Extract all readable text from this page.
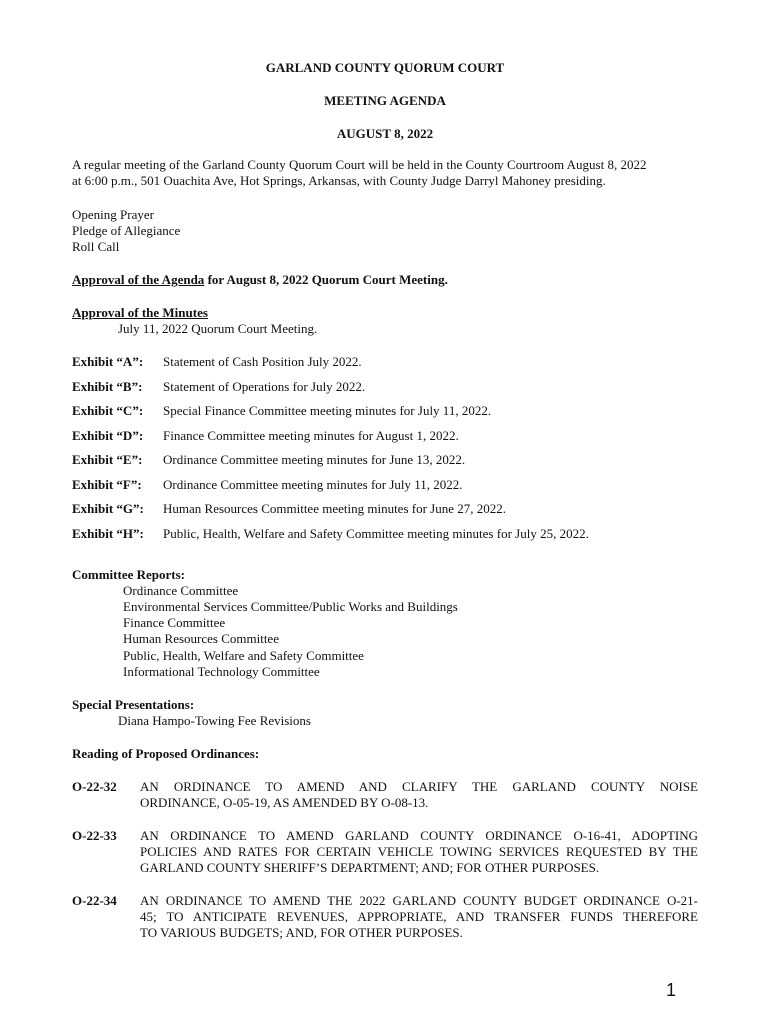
GARLAND COUNTY QUORUM COURT
MEETING AGENDA
AUGUST 8, 2022
A regular meeting of the Garland County Quorum Court will be held in the County Courtroom August 8, 2022
at 6:00 p.m., 501 Ouachita Ave, Hot Springs, Arkansas, with County Judge Darryl Mahoney presiding.
Opening Prayer
Pledge of Allegiance
Roll Call
Approval of the Agenda for August 8, 2022 Quorum Court Meeting.
Approval of the Minutes
July 11, 2022 Quorum Court Meeting.
Exhibit “A”: Statement of Cash Position July 2022.
Exhibit “B”: Statement of Operations for July 2022.
Exhibit “C”: Special Finance Committee meeting minutes for July 11, 2022.
Exhibit “D”: Finance Committee meeting minutes for August 1, 2022.
Exhibit “E”: Ordinance Committee meeting minutes for June 13, 2022.
Exhibit “F”: Ordinance Committee meeting minutes for July 11, 2022.
Exhibit “G”: Human Resources Committee meeting minutes for June 27, 2022.
Exhibit “H”: Public, Health, Welfare and Safety Committee meeting minutes for July 25, 2022.
Committee Reports:
Ordinance Committee
Environmental Services Committee/Public Works and Buildings
Finance Committee
Human Resources Committee
Public, Health, Welfare and Safety Committee
Informational Technology Committee
Special Presentations:
Diana Hampo-Towing Fee Revisions
Reading of Proposed Ordinances:
O-22-32 AN ORDINANCE TO AMEND AND CLARIFY THE GARLAND COUNTY NOISE
ORDINANCE, O-05-19, AS AMENDED BY O-08-13.
O-22-33 AN ORDINANCE TO AMEND GARLAND COUNTY ORDINANCE O-16-41, ADOPTING
POLICIES AND RATES FOR CERTAIN VEHICLE TOWING SERVICES REQUESTED BY THE
GARLAND COUNTY SHERIFF’S DEPARTMENT; AND; FOR OTHER PURPOSES.
O-22-34 AN ORDINANCE TO AMEND THE 2022 GARLAND COUNTY BUDGET ORDINANCE O-21-
45; TO ANTICIPATE REVENUES, APPROPRIATE, AND TRANSFER FUNDS THEREFORE
TO VARIOUS BUDGETS; AND, FOR OTHER PURPOSES.
1
